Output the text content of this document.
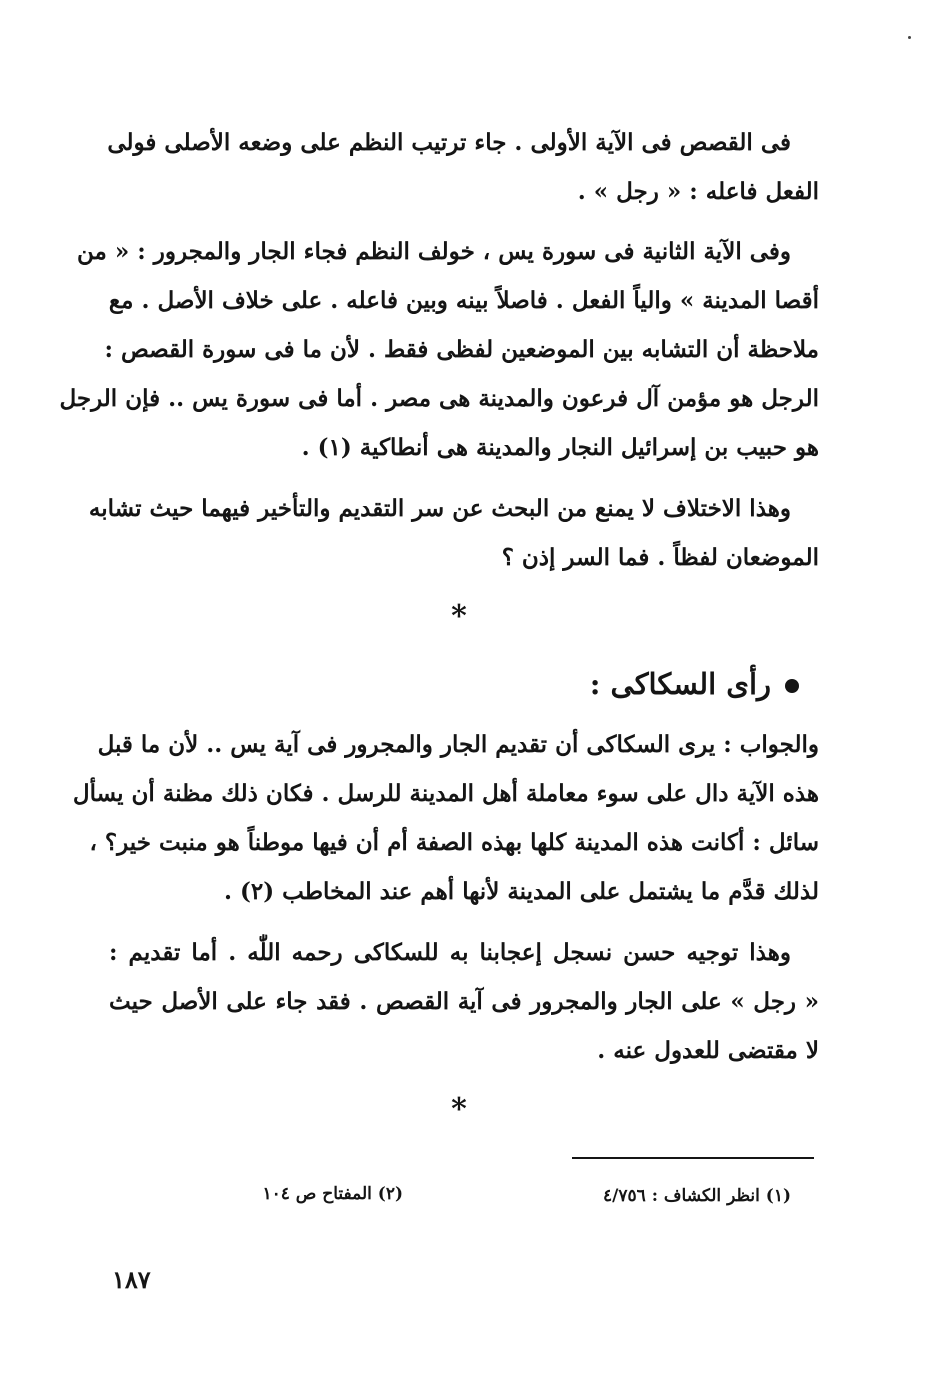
فى القصص فى الآية الأولى . جاء ترتيب النظم على وضعه الأصلى فولى
الفعل فاعله : « رجل » .
وفى الآية الثانية فى سورة يس ، خولف النظم فجاء الجار والمجرور : « من
أقصا المدينة » والياً الفعل . فاصلاً بينه وبين فاعله . على خلاف الأصل . مع
ملاحظة أن التشابه بين الموضعين لفظى فقط . لأن ما فى سورة القصص :
الرجل هو مؤمن آل فرعون والمدينة هى مصر . أما فى سورة يس .. فإن الرجل
هو حبيب بن إسرائيل النجار والمدينة هى أنطاكية (١) .
وهذا الاختلاف لا يمنع من البحث عن سر التقديم والتأخير فيهما حيث تشابه
الموضعان لفظاً . فما السر إذن ؟
*
رأى السكاكى :
والجواب : يرى السكاكى أن تقديم الجار والمجرور فى آية يس .. لأن ما قبل
هذه الآية دال على سوء معاملة أهل المدينة للرسل . فكان ذلك مظنة أن يسأل
سائل : أكانت هذه المدينة كلها بهذه الصفة أم أن فيها موطناً هو منبت خير؟ ،
لذلك قدَّم ما يشتمل على المدينة لأنها أهم عند المخاطب (٢) .
وهذا توجيه حسن نسجل إعجابنا به للسكاكى رحمه اللّٰه . أما تقديم :
« رجل » على الجار والمجرور فى آية القصص . فقد جاء على الأصل حيث
لا مقتضى للعدول عنه .
*
(١) انظر الكشاف : ٤/٧٥٦
(٢) المفتاح ص ١٠٤
١٨٧
